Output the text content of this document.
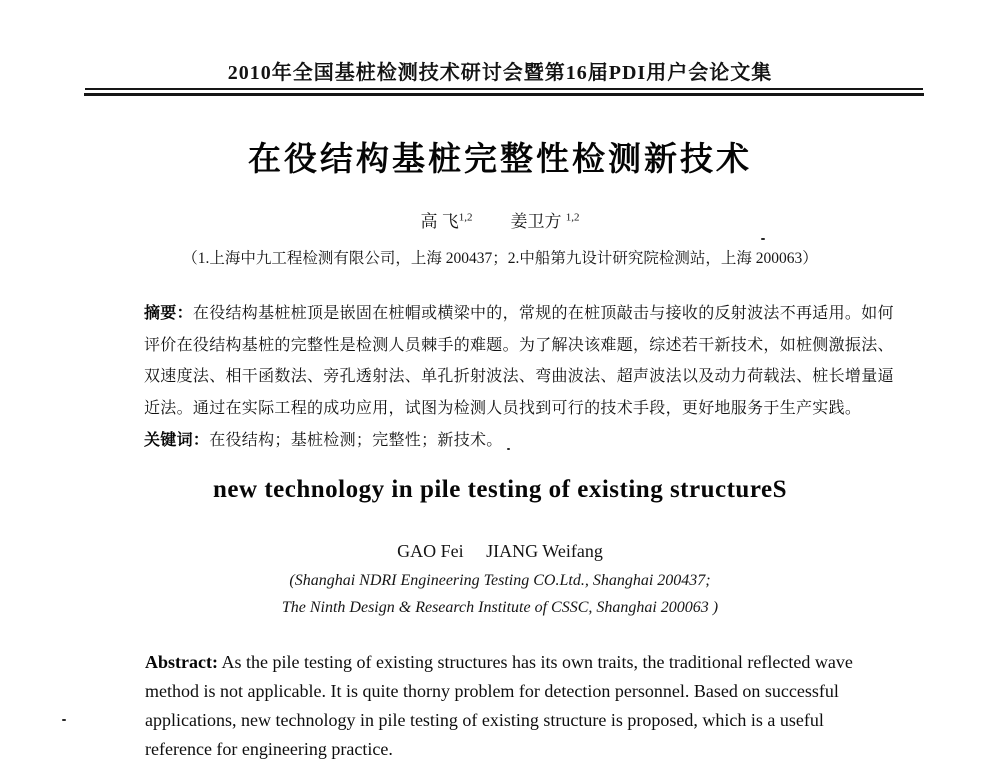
2010年全国基桩检测技术研讨会暨第16届PDI用户会论文集
在役结构基桩完整性检测新技术
高 飞$^{1,2}$ 姜卫方 $^{1,2}$
（1.上海中九工程检测有限公司，上海 200437；2.中船第九设计研究院检测站，上海 200063）
摘要：在役结构基桩桩顶是嵌固在桩帽或横梁中的，常规的在桩顶敲击与接收的反射波法不再适用。如何
评价在役结构基桩的完整性是检测人员棘手的难题。为了解决该难题，综述若干新技术，如桩侧激振法、
双速度法、相干函数法、旁孔透射法、单孔折射波法、弯曲波法、超声波法以及动力荷载法、桩长增量逼
近法。通过在实际工程的成功应用，试图为检测人员找到可行的技术手段，更好地服务于生产实践。
关键词：在役结构；基桩检测；完整性；新技术。
new technology in pile testing of existing structureS
GAO Fei     JIANG Weifang
(Shanghai NDRI Engineering Testing CO.Ltd., Shanghai 200437;
The Ninth Design & Research Institute of CSSC, Shanghai 200063 )
Abstract: As the pile testing of existing structures has its own traits, the traditional reflected wave
method is not applicable. It is quite thorny problem for detection personnel. Based on successful
applications, new technology in pile testing of existing structure is proposed, which is a useful
reference for engineering practice.
